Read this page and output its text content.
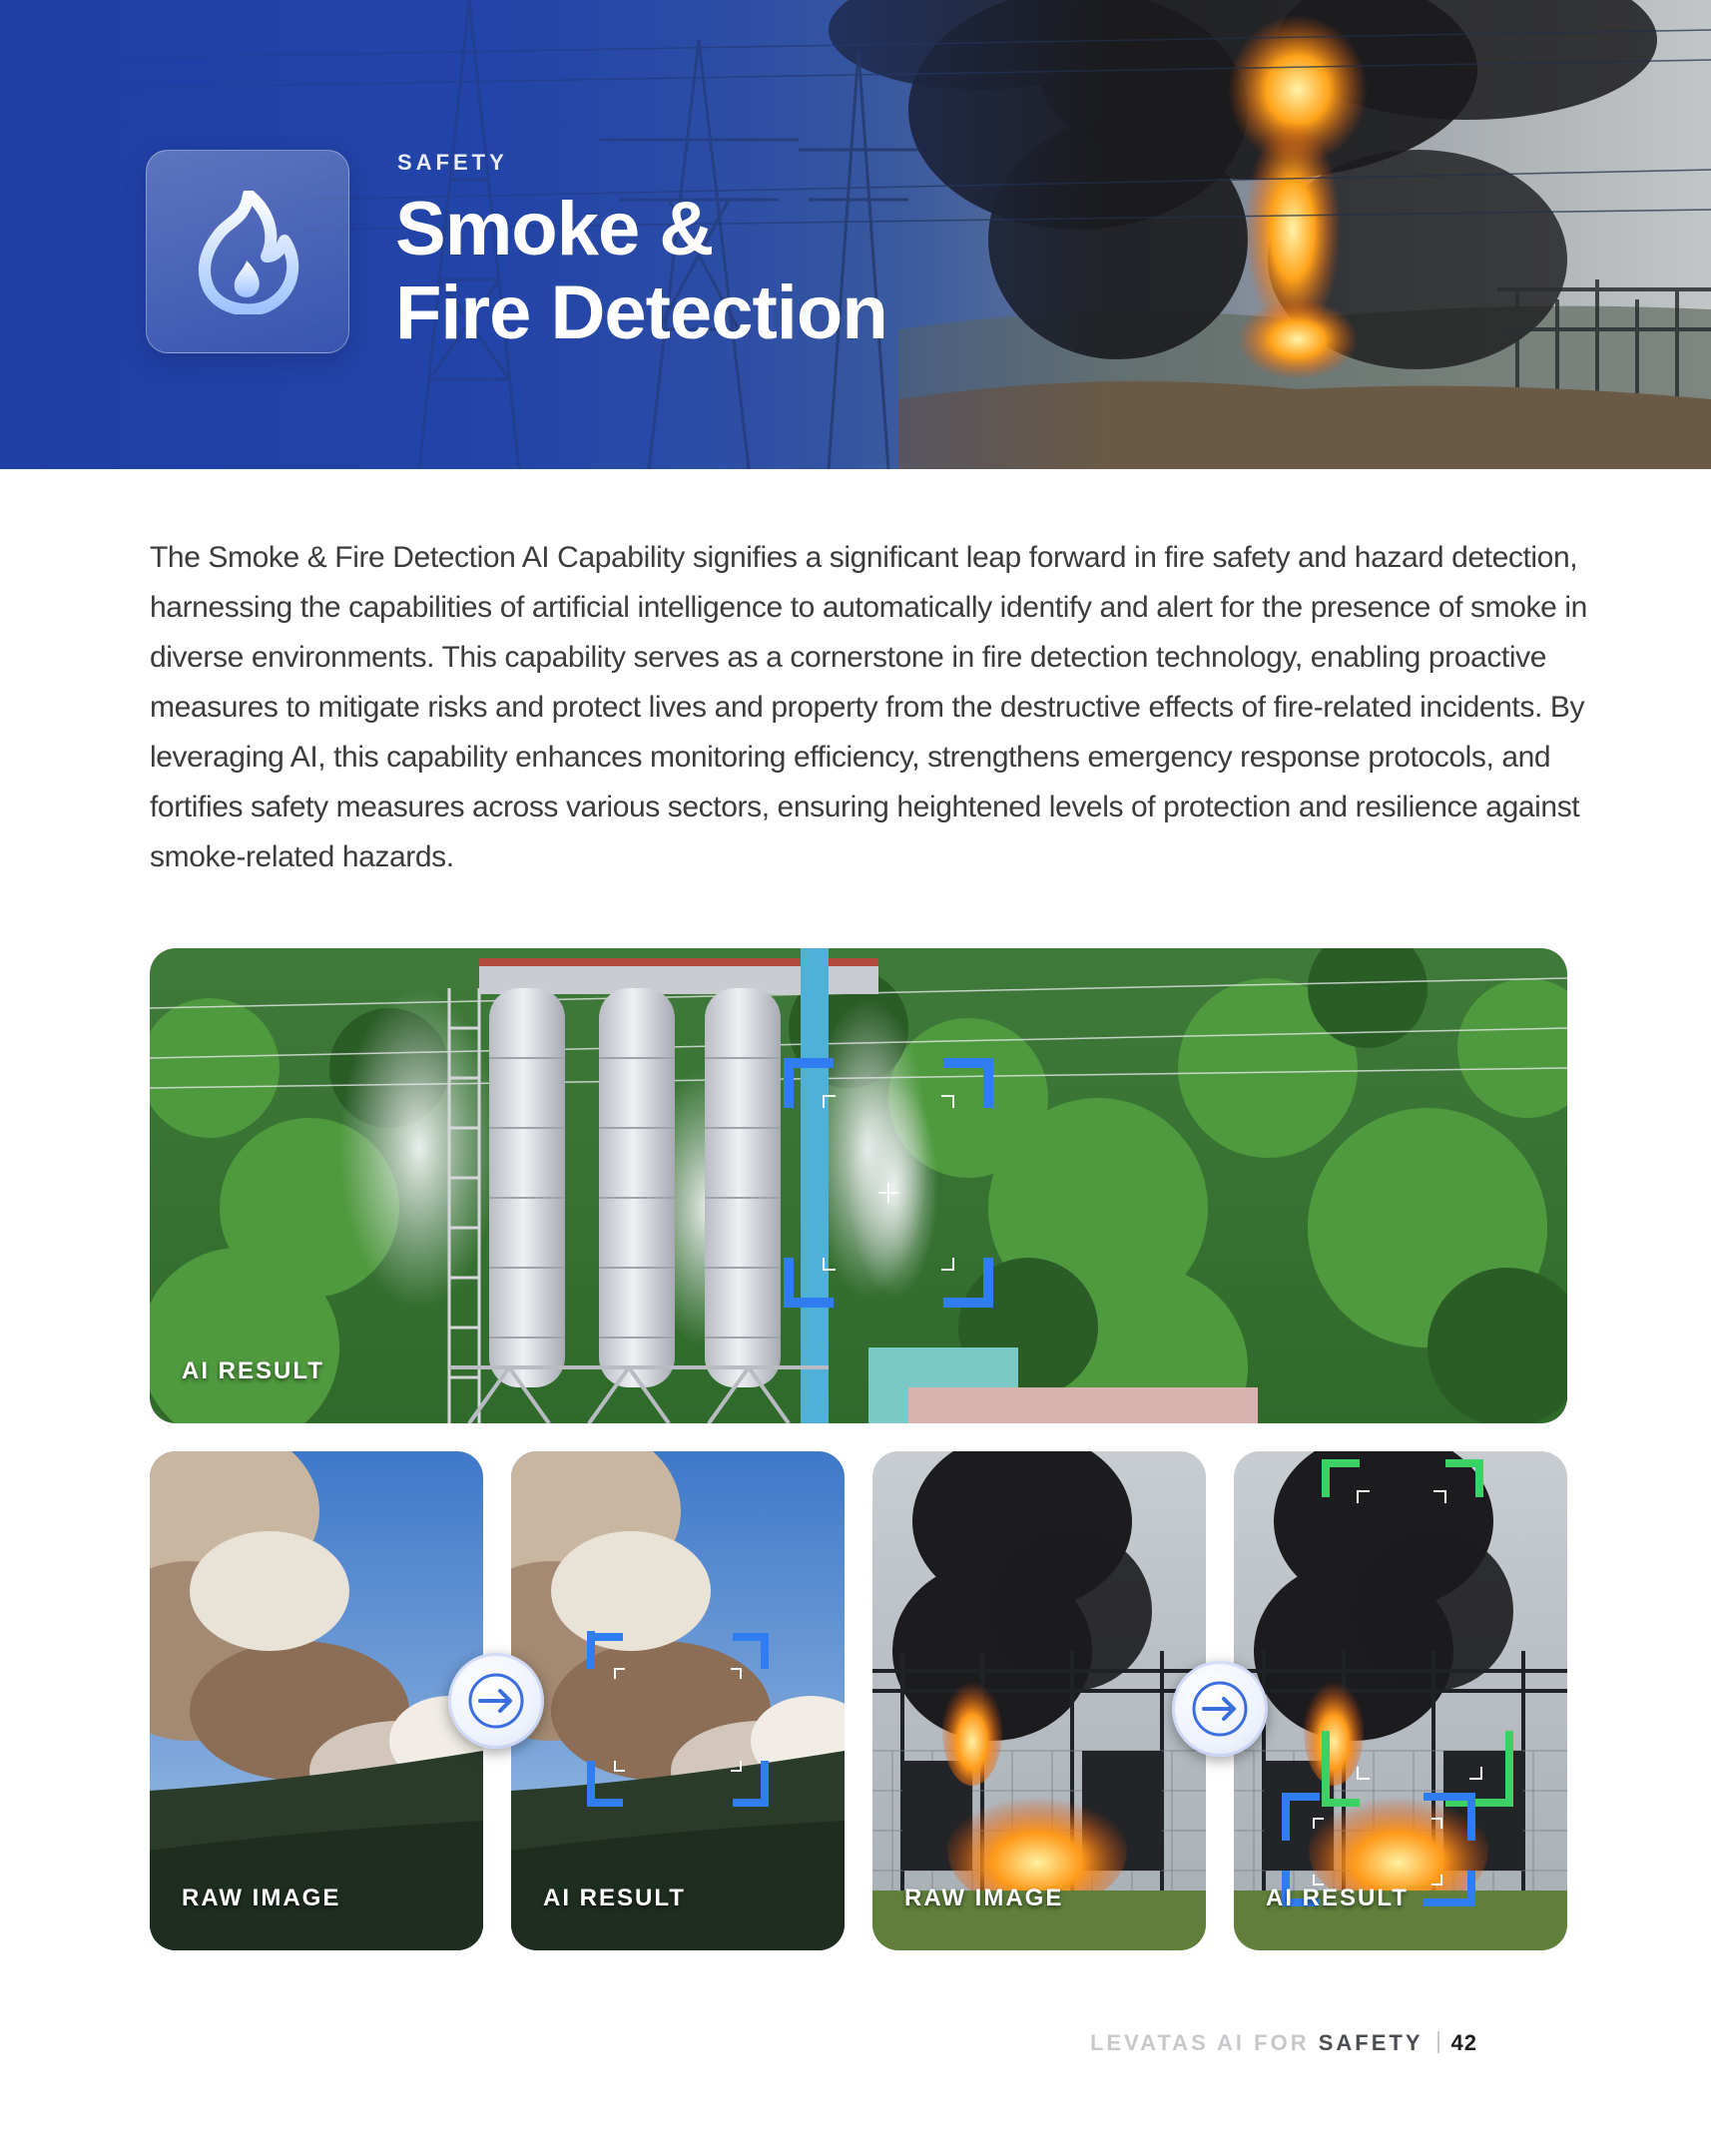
SAFETY
Smoke &
Fire Detection

The Smoke & Fire Detection AI Capability signifies a significant leap forward in fire safety and hazard detection, harnessing the capabilities of artificial intelligence to automatically identify and alert for the presence of smoke in diverse environments. This capability serves as a cornerstone in fire detection technology, enabling proactive measures to mitigate risks and protect lives and property from the destructive effects of fire-related incidents. By leveraging AI, this capability enhances monitoring efficiency, strengthens emergency response protocols, and fortifies safety measures across various sectors, ensuring heightened levels of protection and resilience against smoke-related hazards.

AI RESULT
RAW IMAGE	AI RESULT	RAW IMAGE	AI RESULT
LEVATAS AI FOR SAFETY 42
